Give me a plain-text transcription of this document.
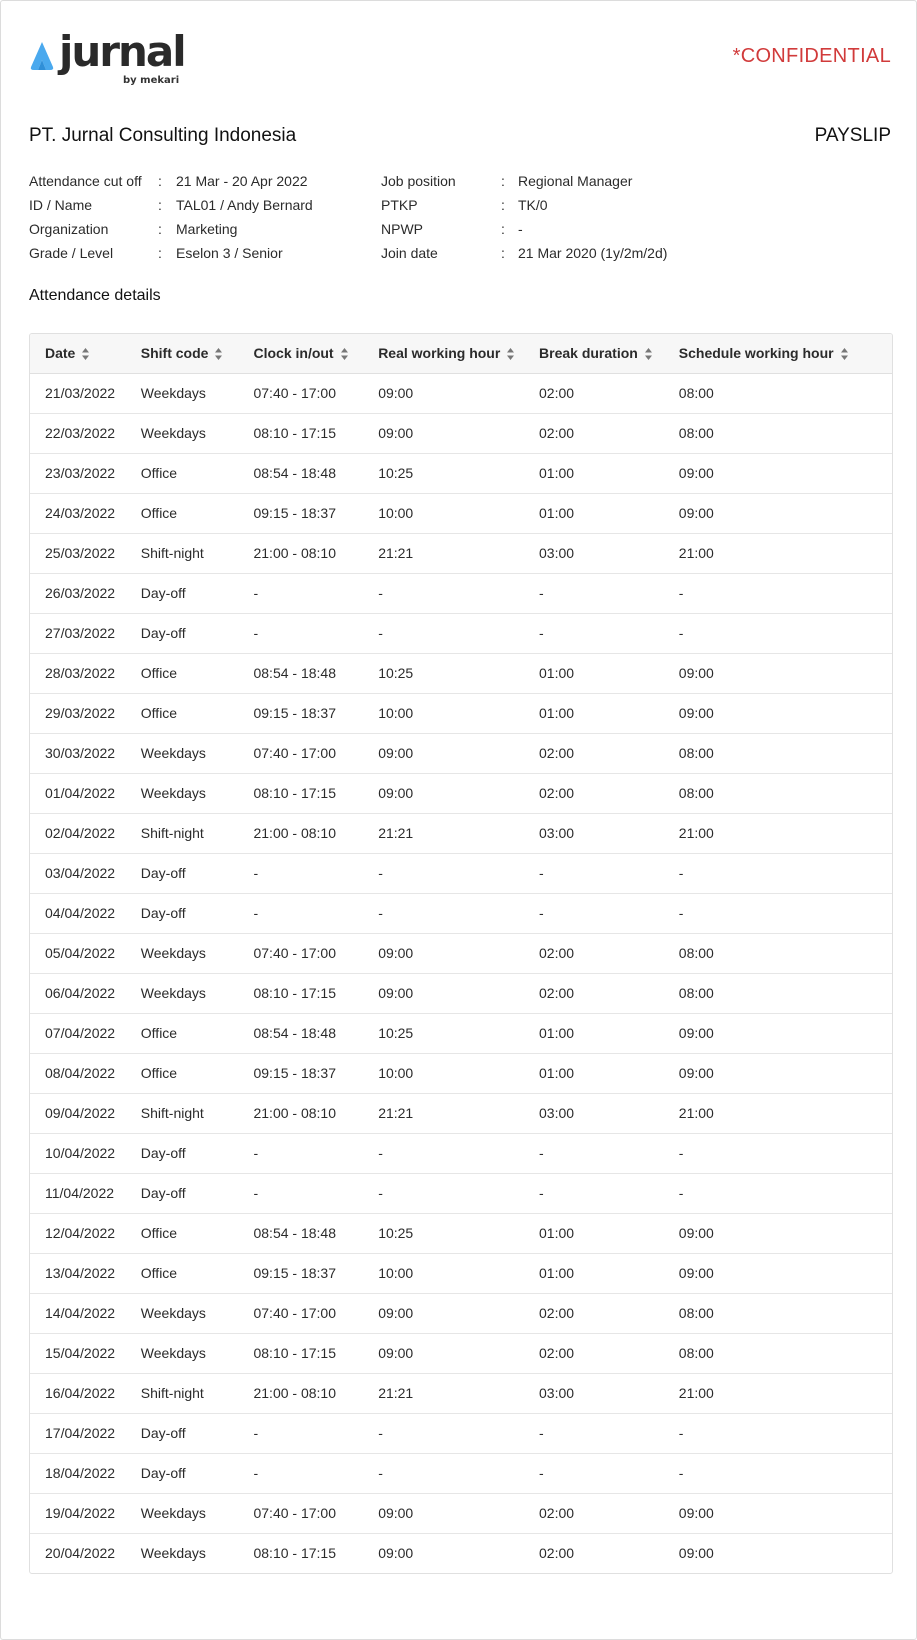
jurnal
by mekari
*CONFIDENTIAL
PT. Jurnal Consulting Indonesia	PAYSLIP
Attendance cut off	:	21 Mar - 20 Apr 2022
ID / Name	:	TAL01 / Andy Bernard
Organization	:	Marketing
Grade / Level	:	Eselon 3 / Senior
Job position	: Regional Manager
PTKP	: TK/0
NPWP	: -
Join date	: 21 Mar 2020 (1y/2m/2d)
Attendance details
Date	Shift code	Clock in/out	Real working hour	Break duration	Schedule working hour
21/03/2022	Weekdays	07:40 - 17:00	09:00	02:00	08:00
22/03/2022	Weekdays	08:10 - 17:15	09:00	02:00	08:00
23/03/2022	Office	08:54 - 18:48	10:25	01:00	09:00
24/03/2022	Office	09:15 - 18:37	10:00	01:00	09:00
25/03/2022	Shift-night	21:00 - 08:10	21:21	03:00	21:00
26/03/2022	Day-off	-	-	-	-
27/03/2022	Day-off	-	-	-	-
28/03/2022	Office	08:54 - 18:48	10:25	01:00	09:00
29/03/2022	Office	09:15 - 18:37	10:00	01:00	09:00
30/03/2022	Weekdays	07:40 - 17:00	09:00	02:00	08:00
01/04/2022	Weekdays	08:10 - 17:15	09:00	02:00	08:00
02/04/2022	Shift-night	21:00 - 08:10	21:21	03:00	21:00
03/04/2022	Day-off	-	-	-	-
04/04/2022	Day-off	-	-	-	-
05/04/2022	Weekdays	07:40 - 17:00	09:00	02:00	08:00
06/04/2022	Weekdays	08:10 - 17:15	09:00	02:00	08:00
07/04/2022	Office	08:54 - 18:48	10:25	01:00	09:00
08/04/2022	Office	09:15 - 18:37	10:00	01:00	09:00
09/04/2022	Shift-night	21:00 - 08:10	21:21	03:00	21:00
10/04/2022	Day-off	-	-	-	-
11/04/2022	Day-off	-	-	-	-
12/04/2022	Office	08:54 - 18:48	10:25	01:00	09:00
13/04/2022	Office	09:15 - 18:37	10:00	01:00	09:00
14/04/2022	Weekdays	07:40 - 17:00	09:00	02:00	08:00
15/04/2022	Weekdays	08:10 - 17:15	09:00	02:00	08:00
16/04/2022	Shift-night	21:00 - 08:10	21:21	03:00	21:00
17/04/2022	Day-off	-	-	-	-
18/04/2022	Day-off	-	-	-	-
19/04/2022	Weekdays	07:40 - 17:00	09:00	02:00	09:00
20/04/2022	Weekdays	08:10 - 17:15	09:00	02:00	09:00
